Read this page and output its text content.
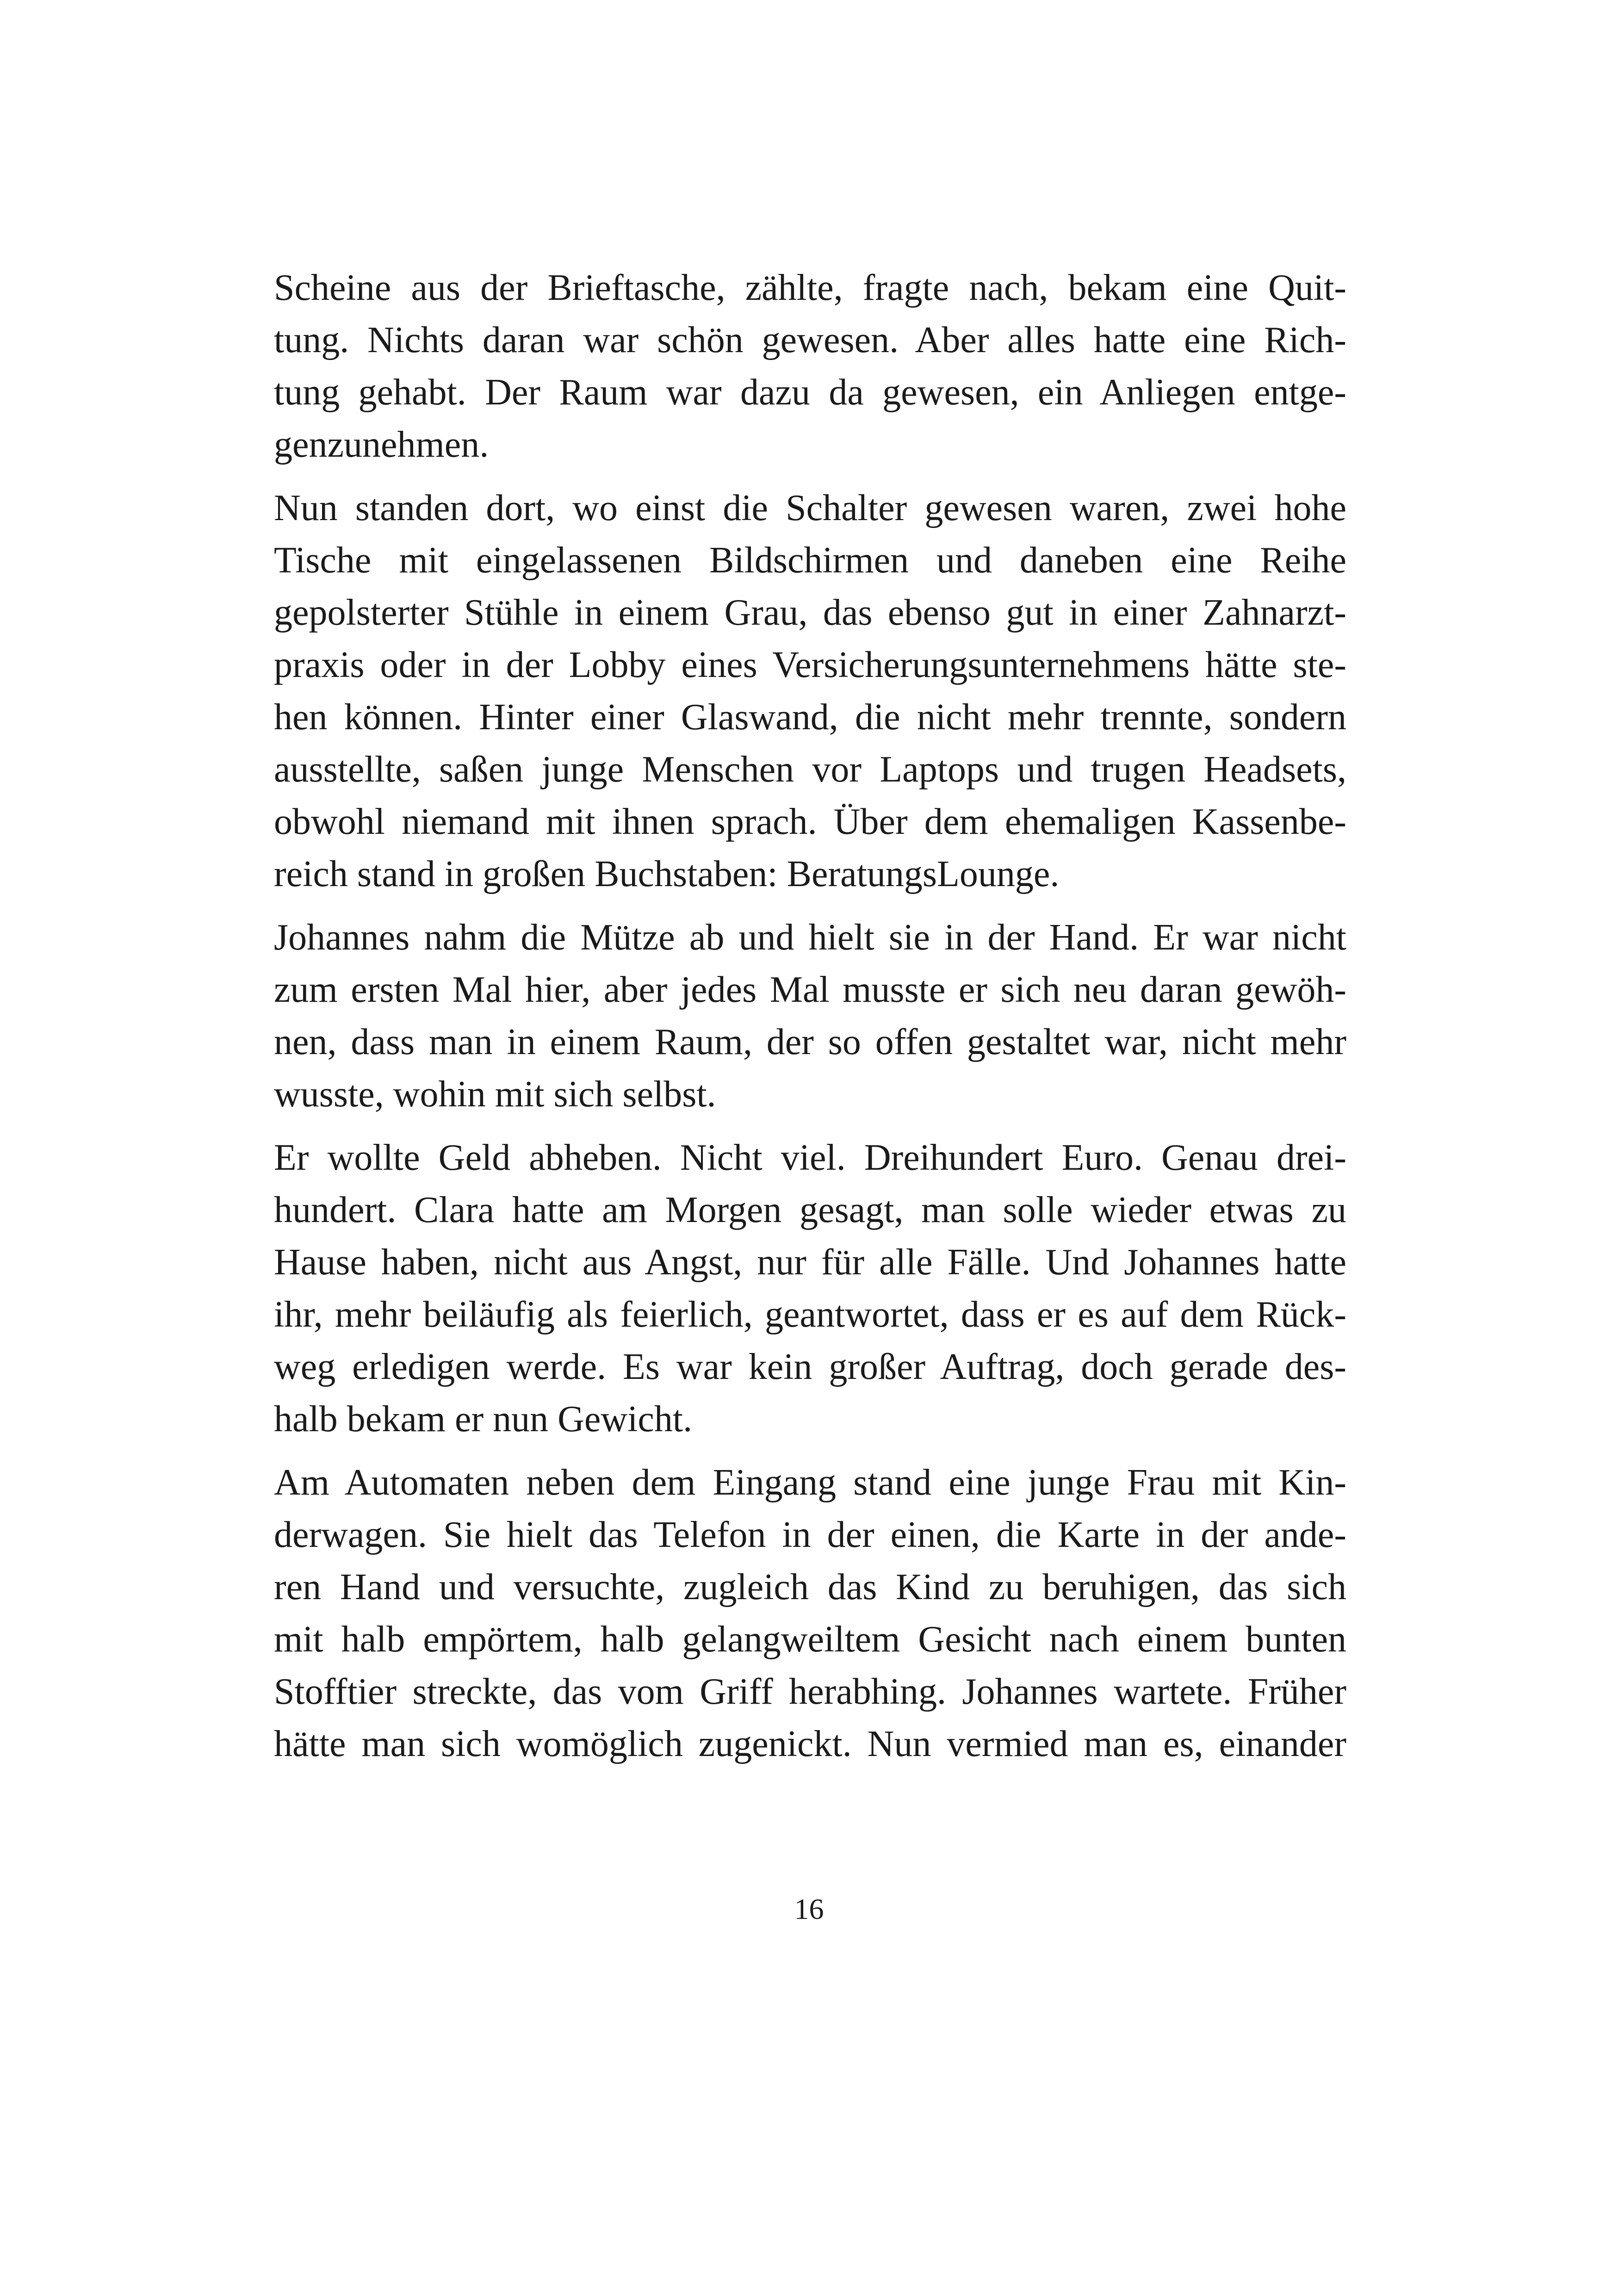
Scheine aus der Brieftasche, zählte, fragte nach, bekam eine Quit-
tung. Nichts daran war schön gewesen. Aber alles hatte eine Rich-
tung gehabt. Der Raum war dazu da gewesen, ein Anliegen entge-
genzunehmen.
Nun standen dort, wo einst die Schalter gewesen waren, zwei hohe
Tische mit eingelassenen Bildschirmen und daneben eine Reihe
gepolsterter Stühle in einem Grau, das ebenso gut in einer Zahnarzt-
praxis oder in der Lobby eines Versicherungsunternehmens hätte ste-
hen können. Hinter einer Glaswand, die nicht mehr trennte, sondern
ausstellte, saßen junge Menschen vor Laptops und trugen Headsets,
obwohl niemand mit ihnen sprach. Über dem ehemaligen Kassenbe-
reich stand in großen Buchstaben: BeratungsLounge.
Johannes nahm die Mütze ab und hielt sie in der Hand. Er war nicht
zum ersten Mal hier, aber jedes Mal musste er sich neu daran gewöh-
nen, dass man in einem Raum, der so offen gestaltet war, nicht mehr
wusste, wohin mit sich selbst.
Er wollte Geld abheben. Nicht viel. Dreihundert Euro. Genau drei-
hundert. Clara hatte am Morgen gesagt, man solle wieder etwas zu
Hause haben, nicht aus Angst, nur für alle Fälle. Und Johannes hatte
ihr, mehr beiläufig als feierlich, geantwortet, dass er es auf dem Rück-
weg erledigen werde. Es war kein großer Auftrag, doch gerade des-
halb bekam er nun Gewicht.
Am Automaten neben dem Eingang stand eine junge Frau mit Kin-
derwagen. Sie hielt das Telefon in der einen, die Karte in der ande-
ren Hand und versuchte, zugleich das Kind zu beruhigen, das sich
mit halb empörtem, halb gelangweiltem Gesicht nach einem bunten
Stofftier streckte, das vom Griff herabhing. Johannes wartete. Früher
hätte man sich womöglich zugenickt. Nun vermied man es, einander
16
